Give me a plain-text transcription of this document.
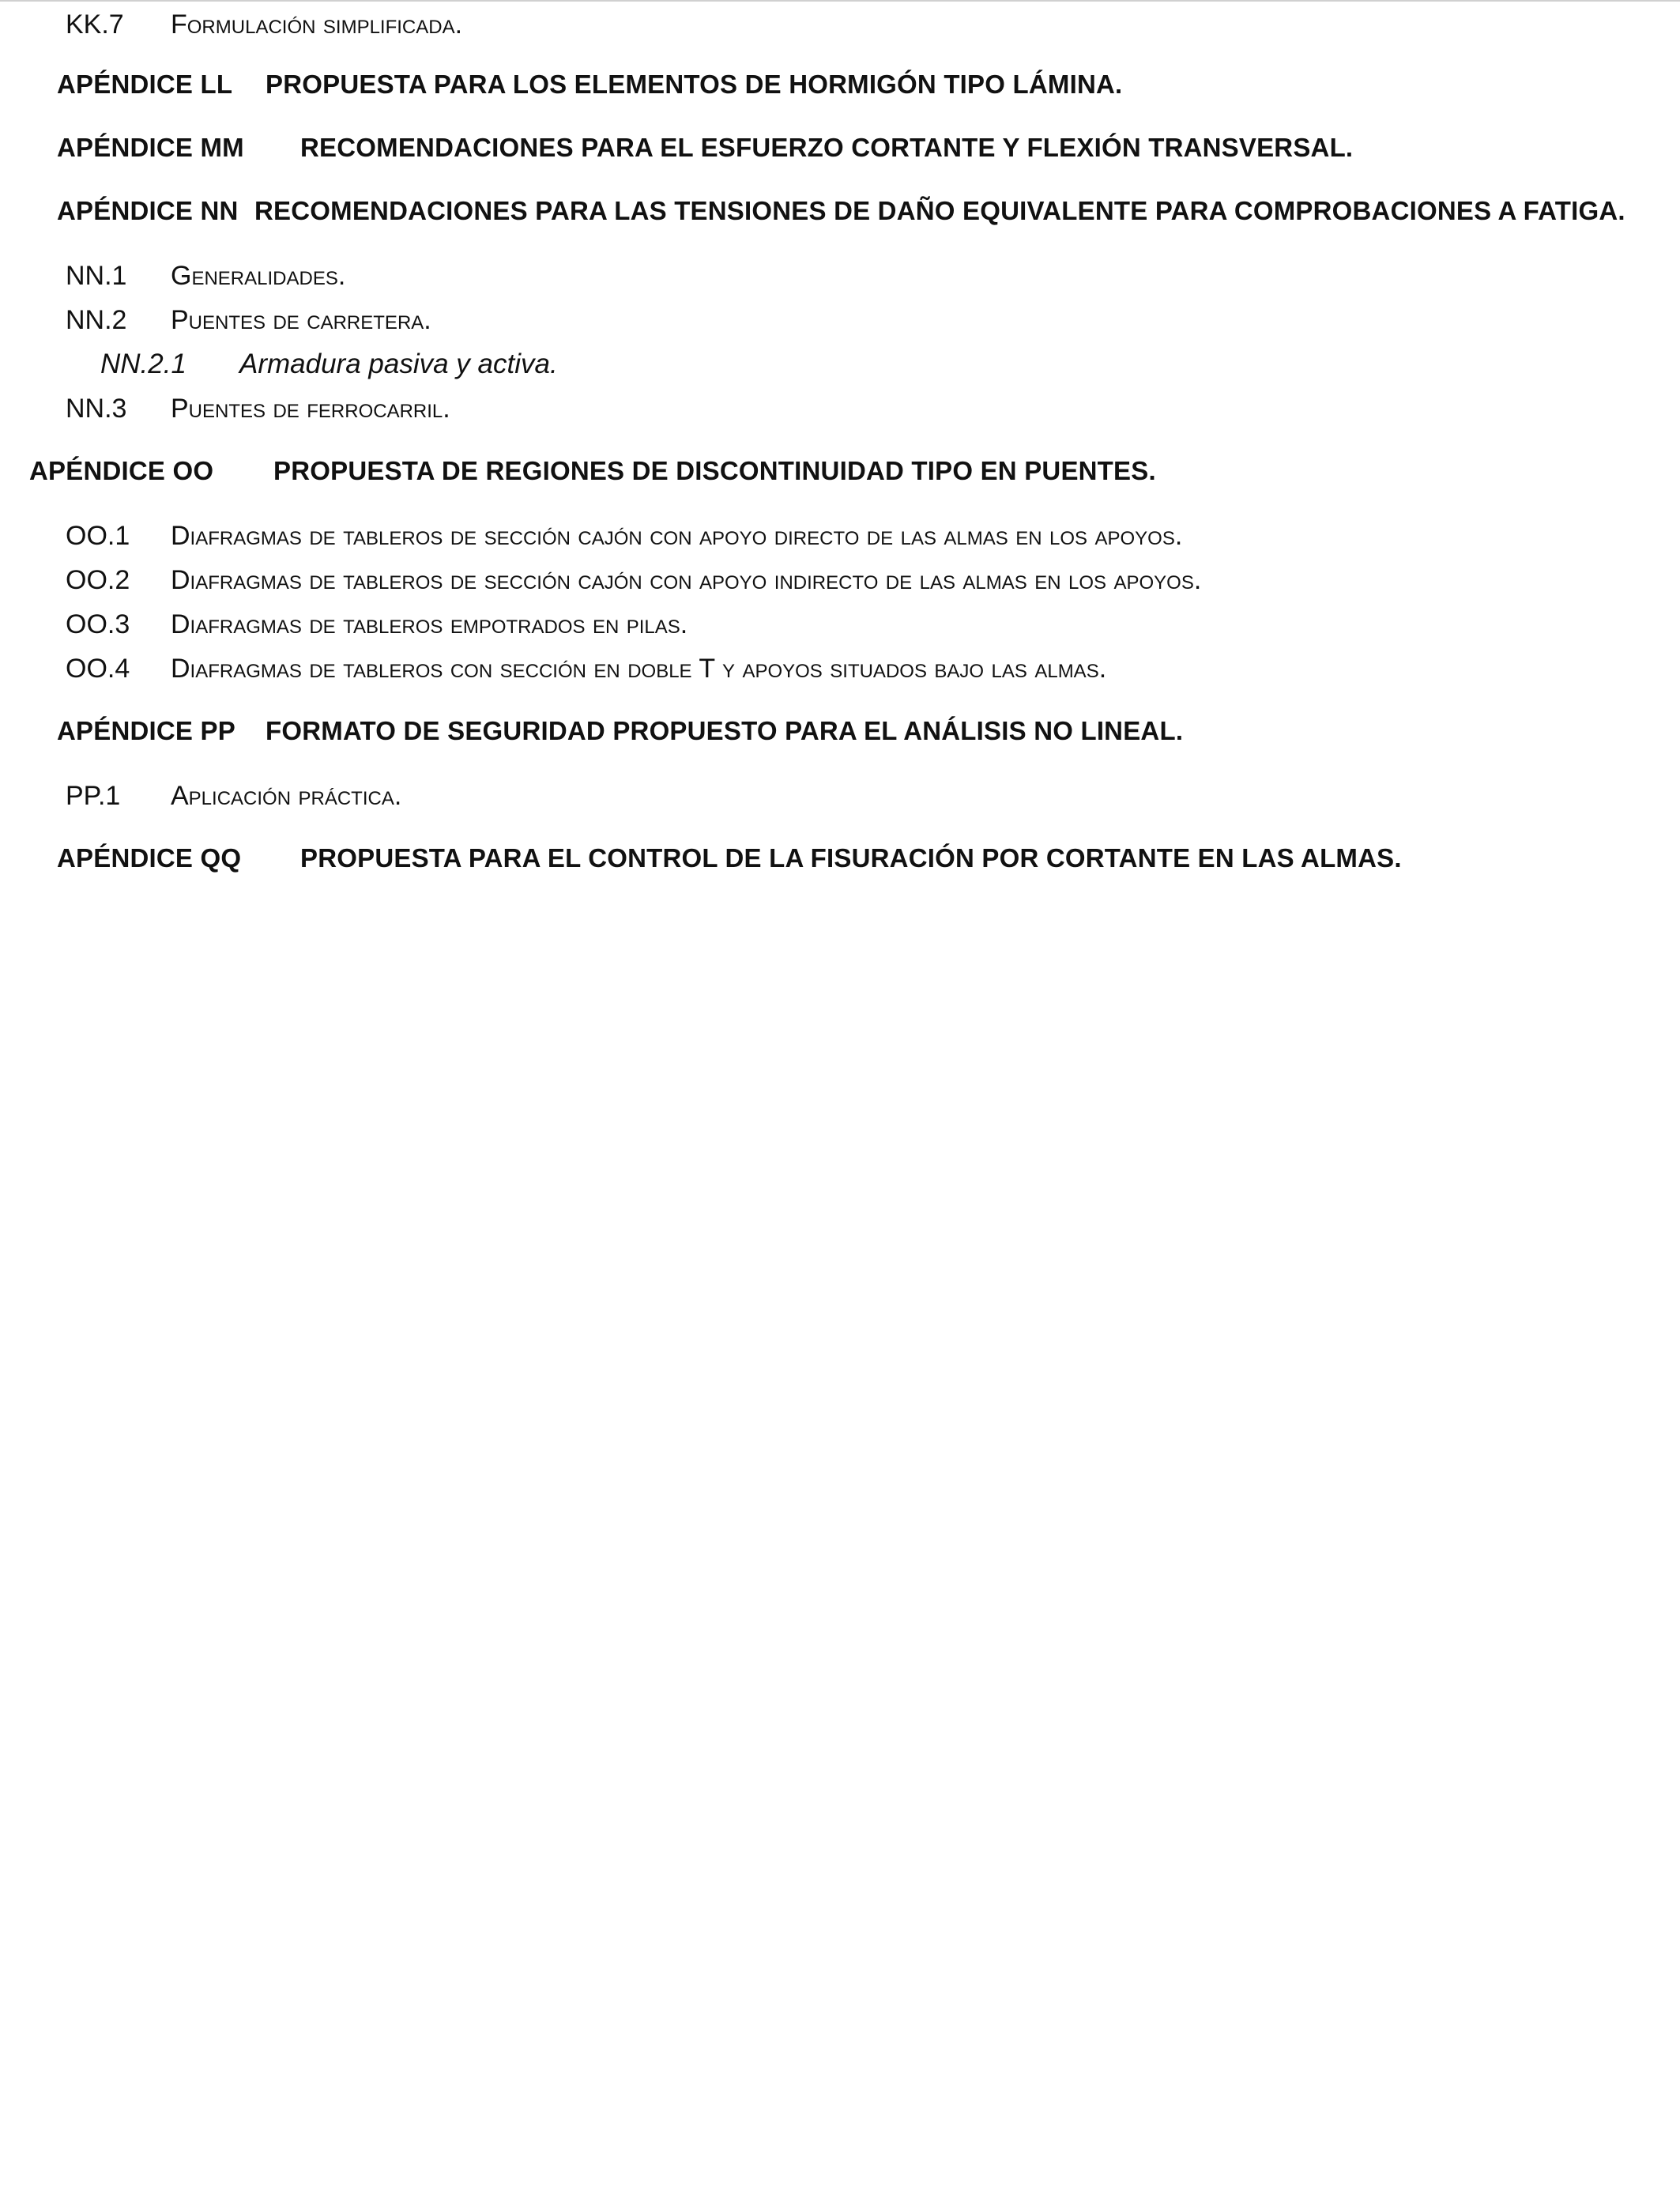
KK.7 Formulación simplificada.
APÉNDICE LL PROPUESTA PARA LOS ELEMENTOS DE HORMIGÓN TIPO LÁMINA.
APÉNDICE MM RECOMENDACIONES PARA EL ESFUERZO CORTANTE Y FLEXIÓN TRANSVERSAL.
APÉNDICE NN RECOMENDACIONES PARA LAS TENSIONES DE DAÑO EQUIVALENTE PARA COMPROBACIONES A FATIGA.
NN.1 Generalidades.
NN.2 Puentes de carretera.
NN.2.1 Armadura pasiva y activa.
NN.3 Puentes de ferrocarril.
APÉNDICE OO PROPUESTA DE REGIONES DE DISCONTINUIDAD TIPO EN PUENTES.
OO.1 Diafragmas de tableros de sección cajón con apoyo directo de las almas en los apoyos.
OO.2 Diafragmas de tableros de sección cajón con apoyo indirecto de las almas en los apoyos.
OO.3 Diafragmas de tableros empotrados en pilas.
OO.4 Diafragmas de tableros con sección en doble T y apoyos situados bajo las almas.
APÉNDICE PP FORMATO DE SEGURIDAD PROPUESTO PARA EL ANÁLISIS NO LINEAL.
PP.1 Aplicación práctica.
APÉNDICE QQ PROPUESTA PARA EL CONTROL DE LA FISURACIÓN POR CORTANTE EN LAS ALMAS.
